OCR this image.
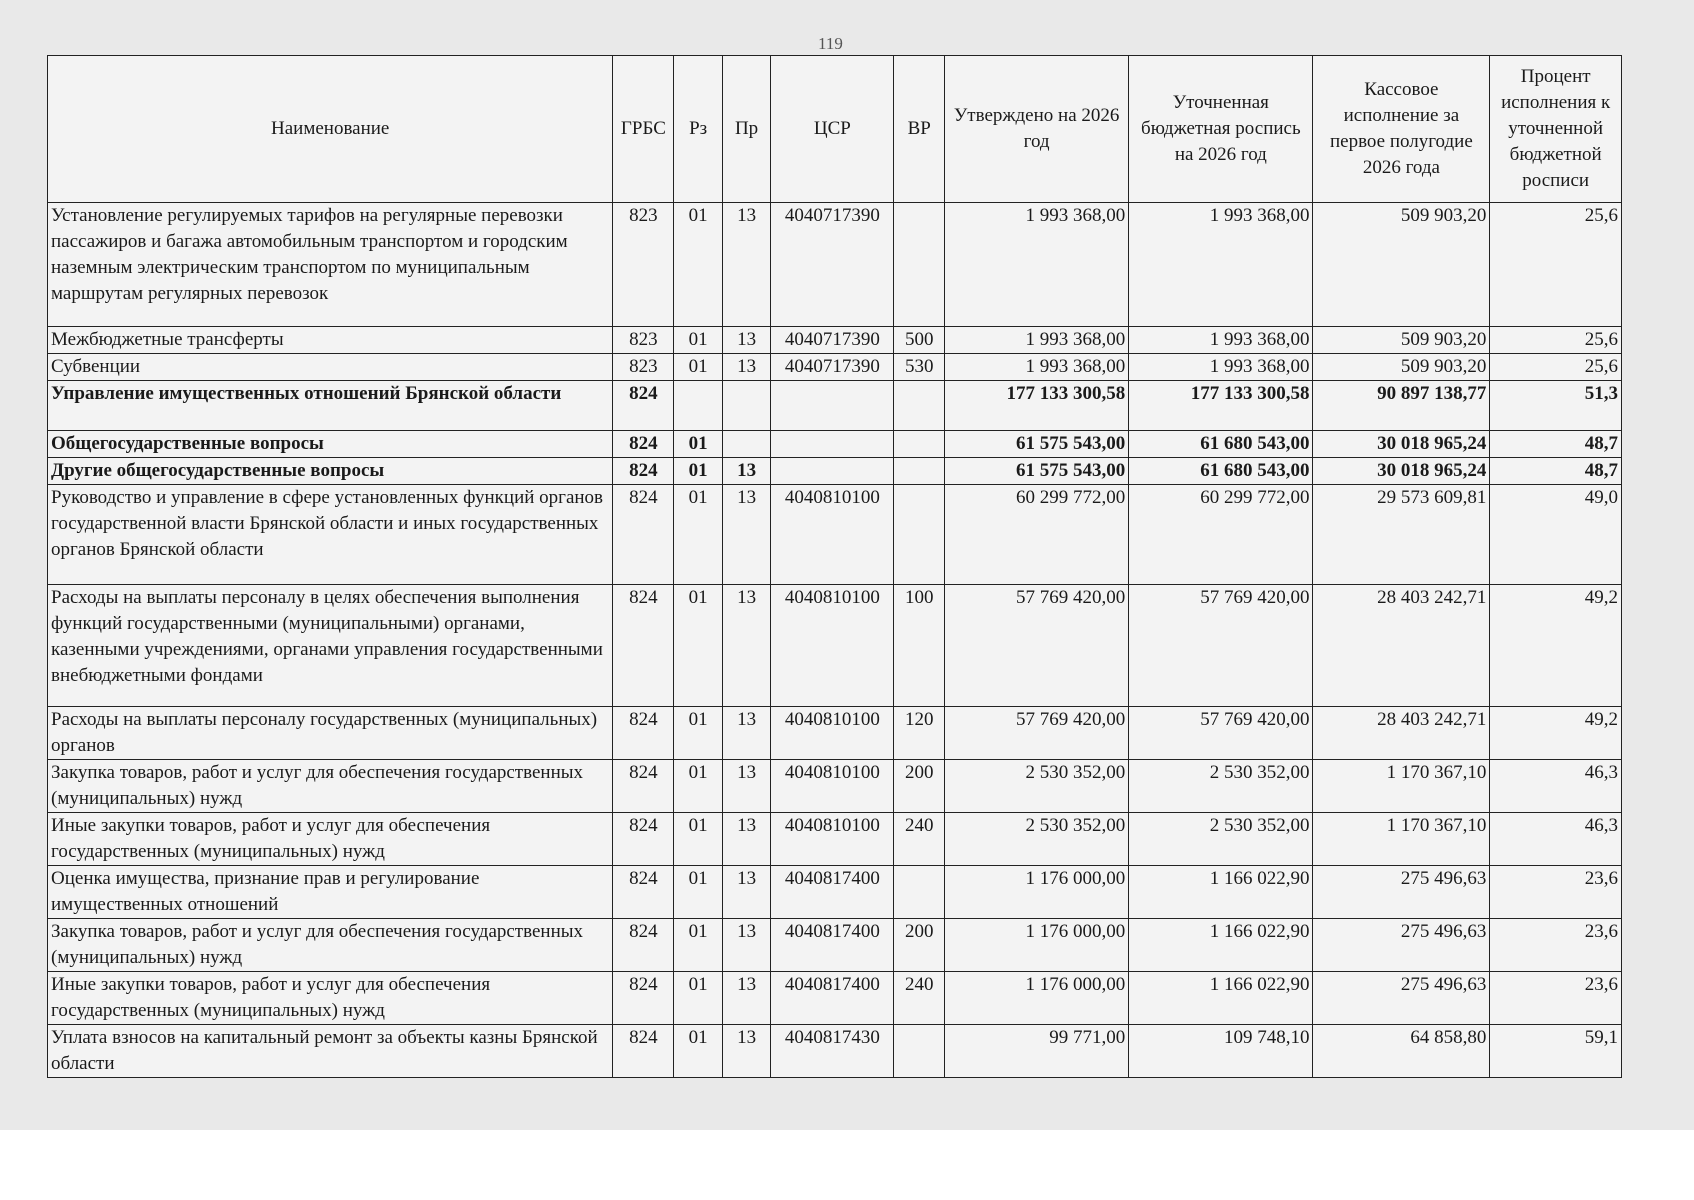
119
Наименование	ГРБС	Рз	Пр	ЦСР	ВР	Утверждено на 2026 год	Уточненная бюджетная роспись на 2026 год	Кассовое исполнение за первое полугодие 2026 года	Процент исполнения к уточненной бюджетной росписи
Установление регулируемых тарифов на регулярные перевозки пассажиров и багажа автомобильным транспортом и городским наземным электрическим транспортом по муниципальным маршрутам регулярных перевозок	823	01	13	4040717390		1 993 368,00	1 993 368,00	509 903,20	25,6
Межбюджетные трансферты	823	01	13	4040717390	500	1 993 368,00	1 993 368,00	509 903,20	25,6
Субвенции	823	01	13	4040717390	530	1 993 368,00	1 993 368,00	509 903,20	25,6
Управление имущественных отношений Брянской области	824					177 133 300,58	177 133 300,58	90 897 138,77	51,3
Общегосударственные вопросы	824	01				61 575 543,00	61 680 543,00	30 018 965,24	48,7
Другие общегосударственные вопросы	824	01	13			61 575 543,00	61 680 543,00	30 018 965,24	48,7
Руководство и управление в сфере установленных функций органов государственной власти Брянской области и иных государственных органов Брянской области	824	01	13	4040810100		60 299 772,00	60 299 772,00	29 573 609,81	49,0
Расходы на выплаты персоналу в целях обеспечения выполнения функций государственными (муниципальными) органами, казенными учреждениями, органами управления государственными внебюджетными фондами	824	01	13	4040810100	100	57 769 420,00	57 769 420,00	28 403 242,71	49,2
Расходы на выплаты персоналу государственных (муниципальных) органов	824	01	13	4040810100	120	57 769 420,00	57 769 420,00	28 403 242,71	49,2
Закупка товаров, работ и услуг для обеспечения государственных (муниципальных) нужд	824	01	13	4040810100	200	2 530 352,00	2 530 352,00	1 170 367,10	46,3
Иные закупки товаров, работ и услуг для обеспечения государственных (муниципальных) нужд	824	01	13	4040810100	240	2 530 352,00	2 530 352,00	1 170 367,10	46,3
Оценка имущества, признание прав и регулирование имущественных отношений	824	01	13	4040817400		1 176 000,00	1 166 022,90	275 496,63	23,6
Закупка товаров, работ и услуг для обеспечения государственных (муниципальных) нужд	824	01	13	4040817400	200	1 176 000,00	1 166 022,90	275 496,63	23,6
Иные закупки товаров, работ и услуг для обеспечения государственных (муниципальных) нужд	824	01	13	4040817400	240	1 176 000,00	1 166 022,90	275 496,63	23,6
Уплата взносов на капитальный ремонт за объекты казны Брянской области	824	01	13	4040817430		99 771,00	109 748,10	64 858,80	59,1
